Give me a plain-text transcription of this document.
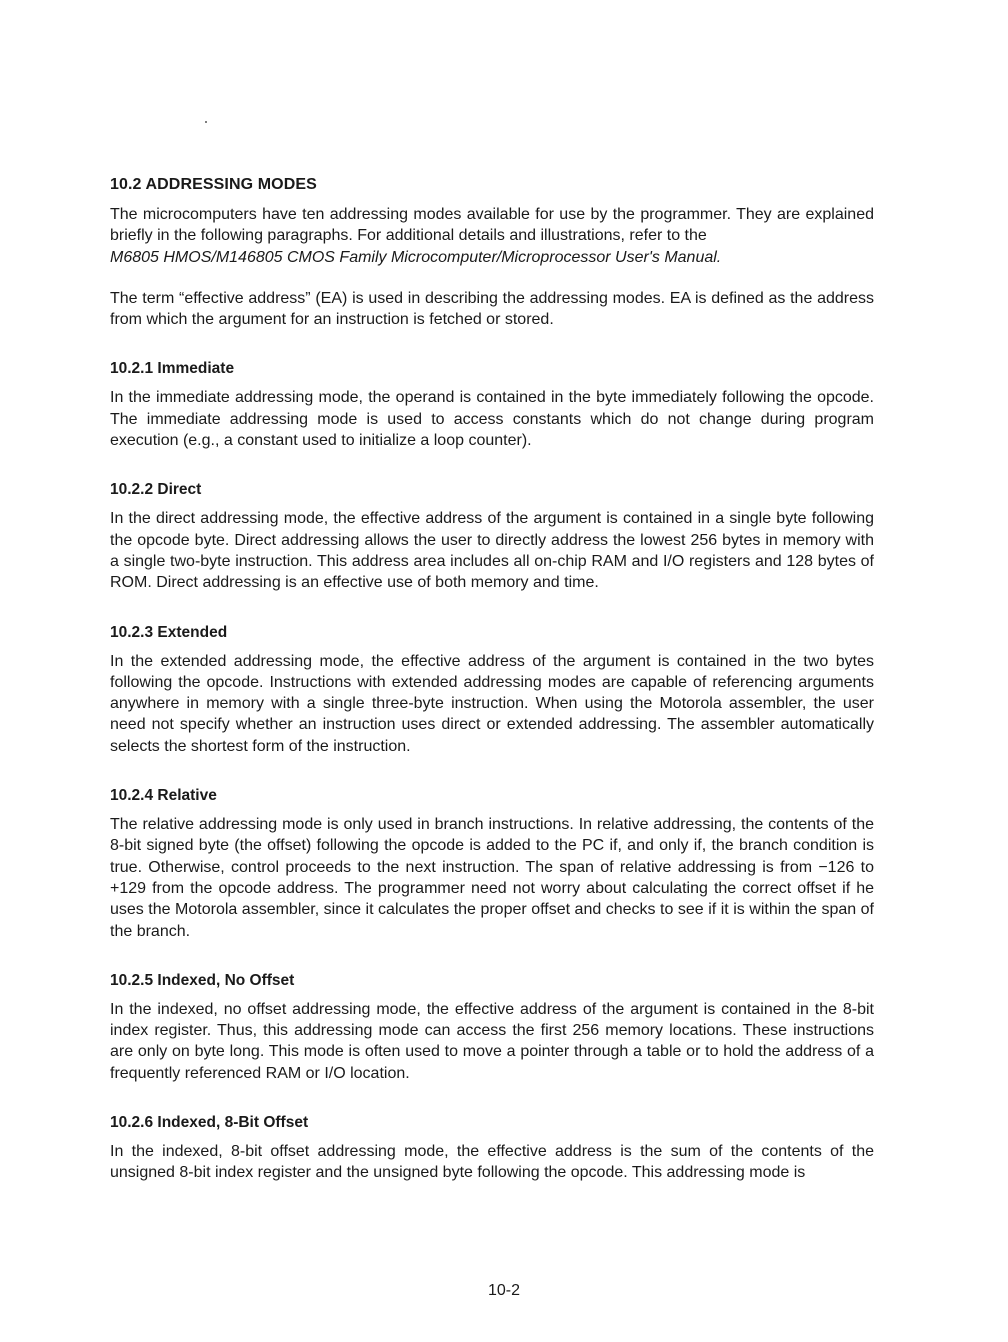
10.2 ADDRESSING MODES

The microcomputers have ten addressing modes available for use by the programmer. They are explained briefly in the following paragraphs. For additional details and illustrations, refer to the
M6805 HMOS/M146805 CMOS Family Microcomputer/Microprocessor User's Manual.

The term “effective address” (EA) is used in describing the addressing modes. EA is defined as the address from which the argument for an instruction is fetched or stored.

10.2.1 Immediate

In the immediate addressing mode, the operand is contained in the byte immediately following the opcode. The immediate addressing mode is used to access constants which do not change during program execution (e.g., a constant used to initialize a loop counter).

10.2.2 Direct

In the direct addressing mode, the effective address of the argument is contained in a single byte following the opcode byte. Direct addressing allows the user to directly address the lowest 256 bytes in memory with a single two-byte instruction. This address area includes all on-chip RAM and I/O registers and 128 bytes of ROM. Direct addressing is an effective use of both memory and time.

10.2.3 Extended

In the extended addressing mode, the effective address of the argument is contained in the two bytes following the opcode. Instructions with extended addressing modes are capable of referencing arguments anywhere in memory with a single three-byte instruction. When using the Motorola assembler, the user need not specify whether an instruction uses direct or extended addressing. The assembler automatically selects the shortest form of the instruction.

10.2.4 Relative

The relative addressing mode is only used in branch instructions. In relative addressing, the contents of the 8-bit signed byte (the offset) following the opcode is added to the PC if, and only if, the branch condition is true. Otherwise, control proceeds to the next instruction. The span of relative addressing is from −126 to +129 from the opcode address. The programmer need not worry about calculating the correct offset if he uses the Motorola assembler, since it calculates the proper offset and checks to see if it is within the span of the branch.

10.2.5 Indexed, No Offset

In the indexed, no offset addressing mode, the effective address of the argument is contained in the 8-bit index register. Thus, this addressing mode can access the first 256 memory locations. These instructions are only on byte long. This mode is often used to move a pointer through a table or to hold the address of a frequently referenced RAM or I/O location.

10.2.6 Indexed, 8-Bit Offset

In the indexed, 8-bit offset addressing mode, the effective address is the sum of the contents of the unsigned 8-bit index register and the unsigned byte following the opcode. This addressing mode is

10-2
